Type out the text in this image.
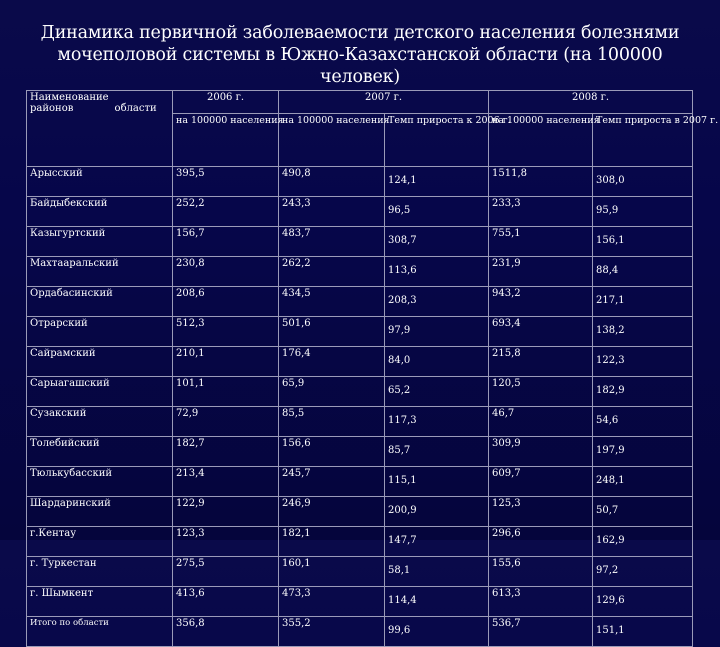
Динамика первичной заболеваемости детского населения болезнями
мочеполовой системы в Южно-Казахстанской области (на 100000 человек)
Наименование районов области	2006 г.	2007 г.		2008 г.	
	на 100000 населения	на 100000 населения	Темп прироста к 2006 г.	на 100000 населения	Темп прироста в 2007 г.
Арысский	395,5	490,8	124,1	1511,8	308,0
Байдыбекский	252,2	243,3	96,5	233,3	95,9
Казыгуртский	156,7	483,7	308,7	755,1	156,1
Махтааральский	230,8	262,2	113,6	231,9	88,4
Ордабасинский	208,6	434,5	208,3	943,2	217,1
Отрарский	512,3	501,6	97,9	693,4	138,2
Сайрамский	210,1	176,4	84,0	215,8	122,3
Сарыагашский	101,1	65,9	65,2	120,5	182,9
Сузакский	72,9	85,5	117,3	46,7	54,6
Толебийский	182,7	156,6	85,7	309,9	197,9
Тюлькубасский	213,4	245,7	115,1	609,7	248,1
Шардаринский	122,9	246,9	200,9	125,3	50,7
г.Кентау	123,3	182,1	147,7	296,6	162,9
г. Туркестан	275,5	160,1	58,1	155,6	97,2
г. Шымкент	413,6	473,3	114,4	613,3	129,6
Итого по области	356,8	355,2	99,6	536,7	151,1
